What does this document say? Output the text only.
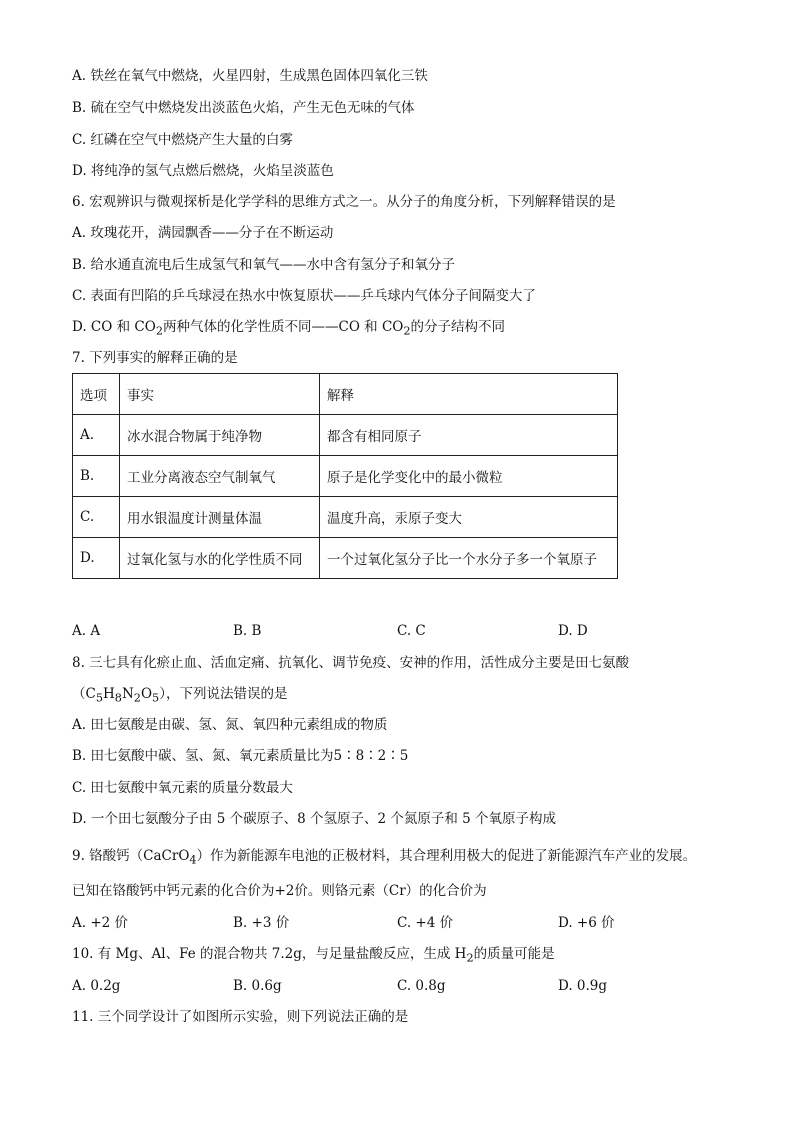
A. 铁丝在氧气中燃烧，火星四射，生成黑色固体四氧化三铁
B. 硫在空气中燃烧发出淡蓝色火焰，产生无色无味的气体
C. 红磷在空气中燃烧产生大量的白雾
D. 将纯净的氢气点燃后燃烧，火焰呈淡蓝色
6. 宏观辨识与微观探析是化学学科的思维方式之一。从分子的角度分析，下列解释错误的是
A. 玫瑰花开，满园飘香——分子在不断运动
B. 给水通直流电后生成氢气和氧气——水中含有氢分子和氧分子
C. 表面有凹陷的乒乓球浸在热水中恢复原状——乒乓球内气体分子间隔变大了
D. CO 和 $CO_2$两种气体的化学性质不同——CO 和 $CO_2$的分子结构不同
7. 下列事实的解释正确的是
选项	事实	解释
A.	冰水混合物属于纯净物	都含有相同原子
B.	工业分离液态空气制氧气	原子是化学变化中的最小微粒
C.	用水银温度计测量体温	温度升高，汞原子变大
D.	过氧化氢与水的化学性质不同	一个过氧化氢分子比一个水分子多一个氧原子
A. A	B. B	C. C	D. D
8. 三七具有化瘀止血、活血定痛、抗氧化、调节免疫、安神的作用，活性成分主要是田七氨酸
$(C_5H_8N_2O_5)$，下列说法错误的是
A. 田七氨酸是由碳、氢、氮、氧四种元素组成的物质
B. 田七氨酸中碳、氢、氮、氧元素质量比为5∶8∶2∶5
C. 田七氨酸中氧元素的质量分数最大
D. 一个田七氨酸分子由 5 个碳原子、8 个氢原子、2 个氮原子和 5 个氧原子构成
9. 铬酸钙（CaCrO$_4$）作为新能源车电池的正极材料，其合理利用极大的促进了新能源汽车产业的发展。
已知在铬酸钙中钙元素的化合价为+2价。则铬元素（Cr）的化合价为
A. +2 价	B. +3 价	C. +4 价	D. +6 价
10. 有 Mg、Al、Fe 的混合物共 7.2g，与足量盐酸反应，生成 $H_2$的质量可能是
A. 0.2g	B. 0.6g	C. 0.8g	D. 0.9g
11. 三个同学设计了如图所示实验，则下列说法正确的是
